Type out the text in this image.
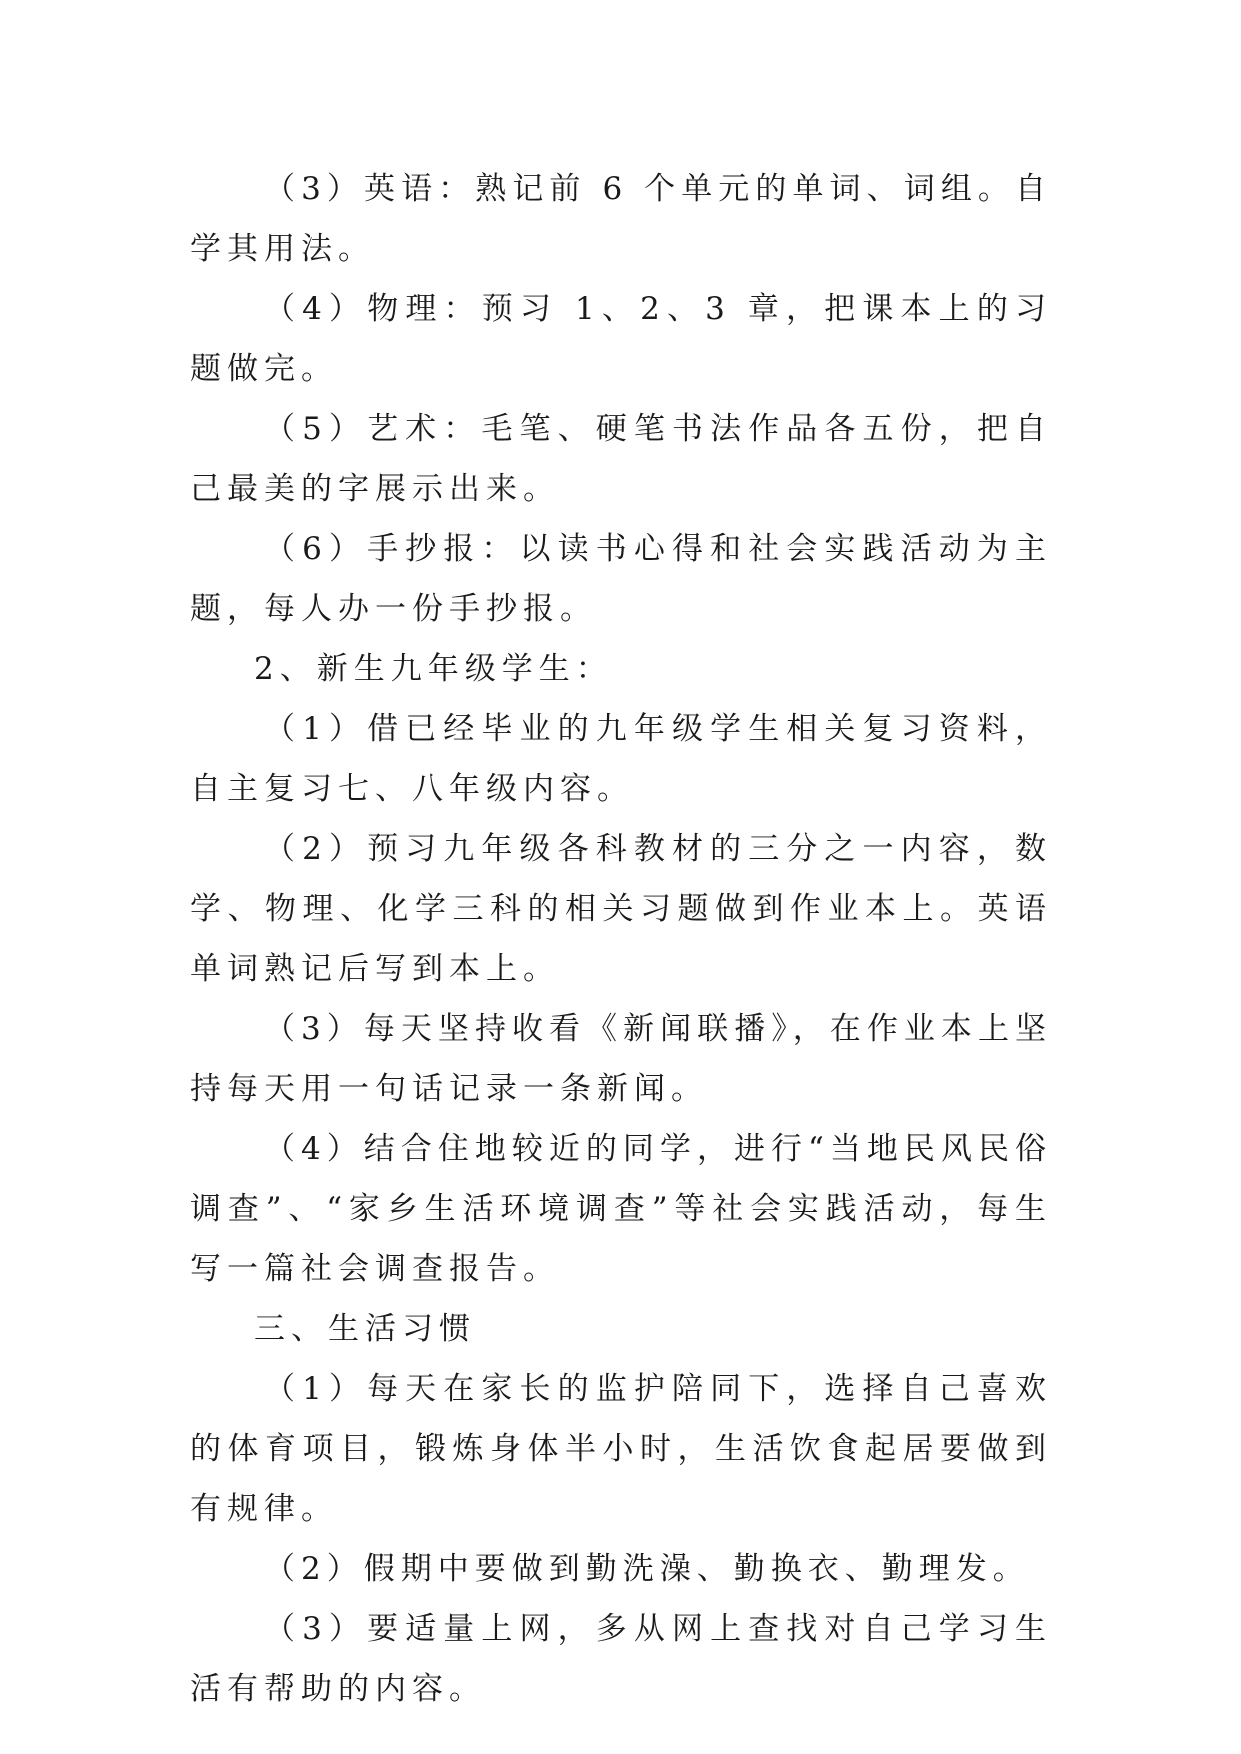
（3）英语：熟记前 6 个单元的单词、词组。自学其用法。

（4）物理：预习 1、2、3 章，把课本上的习题做完。

（5）艺术：毛笔、硬笔书法作品各五份，把自己最美的字展示出来。

（6）手抄报：以读书心得和社会实践活动为主题，每人办一份手抄报。

2、新生九年级学生：

（1）借已经毕业的九年级学生相关复习资料，自主复习七、八年级内容。

（2）预习九年级各科教材的三分之一内容，数学、物理、化学三科的相关习题做到作业本上。英语单词熟记后写到本上。

（3）每天坚持收看《新闻联播》，在作业本上坚持每天用一句话记录一条新闻。

（4）结合住地较近的同学，进行“当地民风民俗调查”、“家乡生活环境调查”等社会实践活动，每生写一篇社会调查报告。

三、生活习惯

（1）每天在家长的监护陪同下，选择自己喜欢的体育项目，锻炼身体半小时，生活饮食起居要做到有规律。

（2）假期中要做到勤洗澡、勤换衣、勤理发。

（3）要适量上网，多从网上查找对自己学习生活有帮助的内容。
